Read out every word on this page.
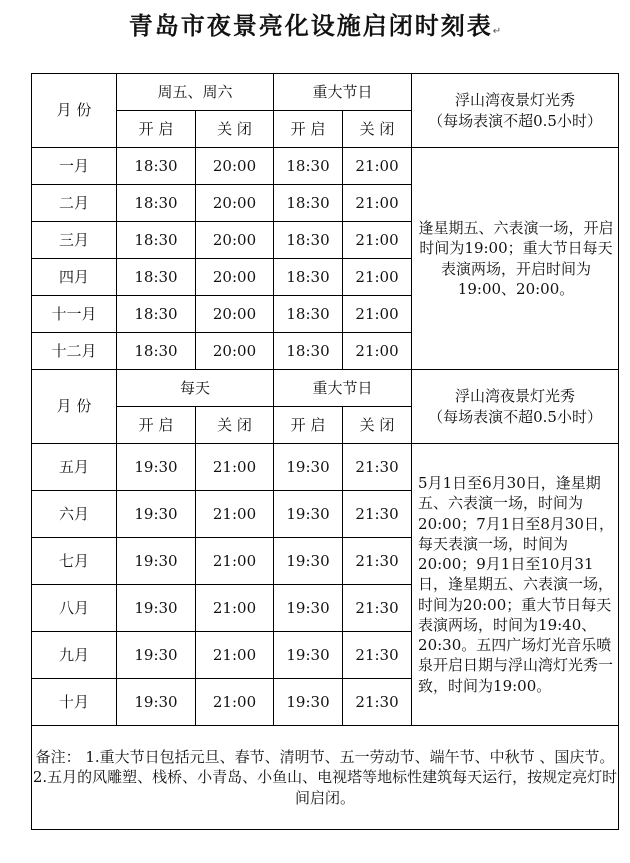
青岛市夜景亮化设施启闭时刻表↵
月 份	周五、周六		重大节日		浮山湾夜景灯光秀
（每场表演不超0.5小时）

	开 启	关 闭	开 启	关 闭	
一月	18:30	20:00	18:30	21:00	逢星期五、六表演一场，开启时间为19:00；重大节日每天表演两场，开启时间为19:00、20:00。
二月	18:30	20:00	18:30	21:00	
三月	18:30	20:00	18:30	21:00	
四月	18:30	20:00	18:30	21:00	
十一月	18:30	20:00	18:30	21:00	
十二月	18:30	20:00	18:30	21:00	
月 份	每天		重大节日		浮山湾夜景灯光秀
（每场表演不超0.5小时）

	开 启	关 闭	开 启	关 闭	
五月	19:30	21:00	19:30	21:30	5月1日至6月30日，逢星期五、六表演一场，时间为20:00；7月1日至8月30日，每天表演一场，时间为20:00；9月1日至10月31日，逢星期五、六表演一场，时间为20:00；重大节日每天表演两场，时间为19:40、20:30。五四广场灯光音乐喷泉开启日期与浮山湾灯光秀一致，时间为19:00。
六月	19:30	21:00	19:30	21:30	
七月	19:30	21:00	19:30	21:30	
八月	19:30	21:00	19:30	21:30	
九月	19:30	21:00	19:30	21:30	
十月	19:30	21:00	19:30	21:30	
备注： 1.重大节日包括元旦、春节、清明节、五一劳动节、端午节、中秋节 、国庆节。2.五月的风雕塑、栈桥、小青岛、小鱼山、电视塔等地标性建筑每天运行，按规定亮灯时间启闭。					
